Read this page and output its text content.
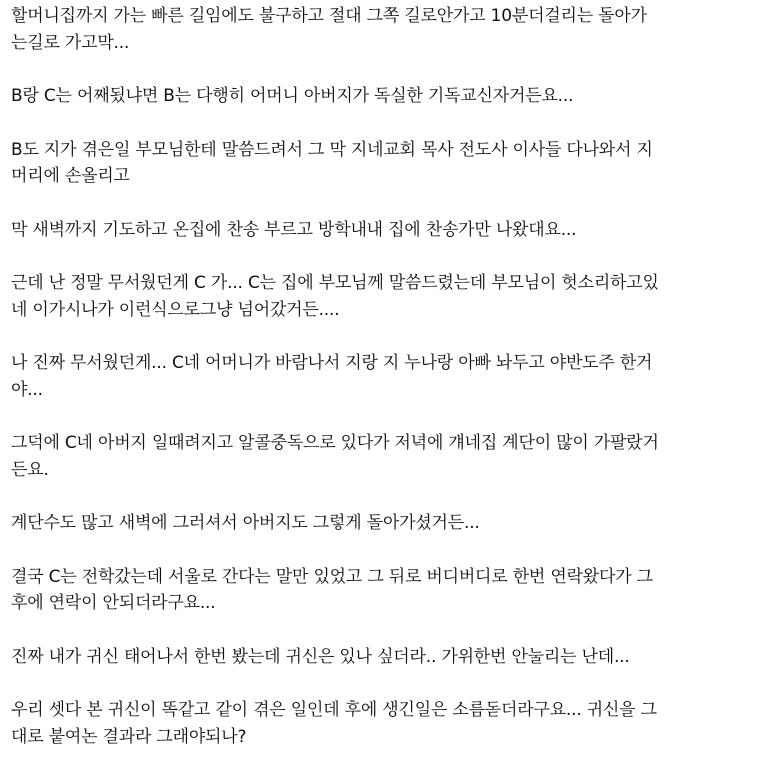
할머니집까지 가는 빠른 길임에도 불구하고 절대 그쪽 길로안가고 10분더걸리는 돌아가
는길로 가고막...

B랑 C는 어째됬냐면 B는 다행히 어머니 아버지가 독실한 기독교신자거든요...

B도 지가 겪은일 부모님한테 말씀드려서 그 막 지네교회 목사 전도사 이사들 다나와서 지
머리에 손올리고

막 새벽까지 기도하고 온집에 찬송 부르고 방학내내 집에 찬송가만 나왔대요...

근데 난 정말 무서웠던게 C 가... C는 집에 부모님께 말씀드렸는데 부모님이 헛소리하고있
네 이가시나가 이런식으로그냥 넘어갔거든....

나 진짜 무서웠던게... C네 어머니가 바람나서 지랑 지 누나랑 아빠 놔두고 야반도주 한거
야...

그덕에 C네 아버지 일때려지고 알콜중독으로 있다가 저녁에 걔네집 계단이 많이 가팔랐거
든요.

계단수도 많고 새벽에 그러셔서 아버지도 그렇게 돌아가셨거든...

결국 C는 전학갔는데 서울로 간다는 말만 있었고 그 뒤로 버디버디로 한번 연락왔다가 그
후에 연락이 안되더라구요...

진짜 내가 귀신 태어나서 한번 봤는데 귀신은 있나 싶더라.. 가위한번 안눌리는 난데...

우리 셋다 본 귀신이 똑같고 같이 겪은 일인데 후에 생긴일은 소름돋더라구요... 귀신을 그
대로 붙여논 결과라 그래야되나?
